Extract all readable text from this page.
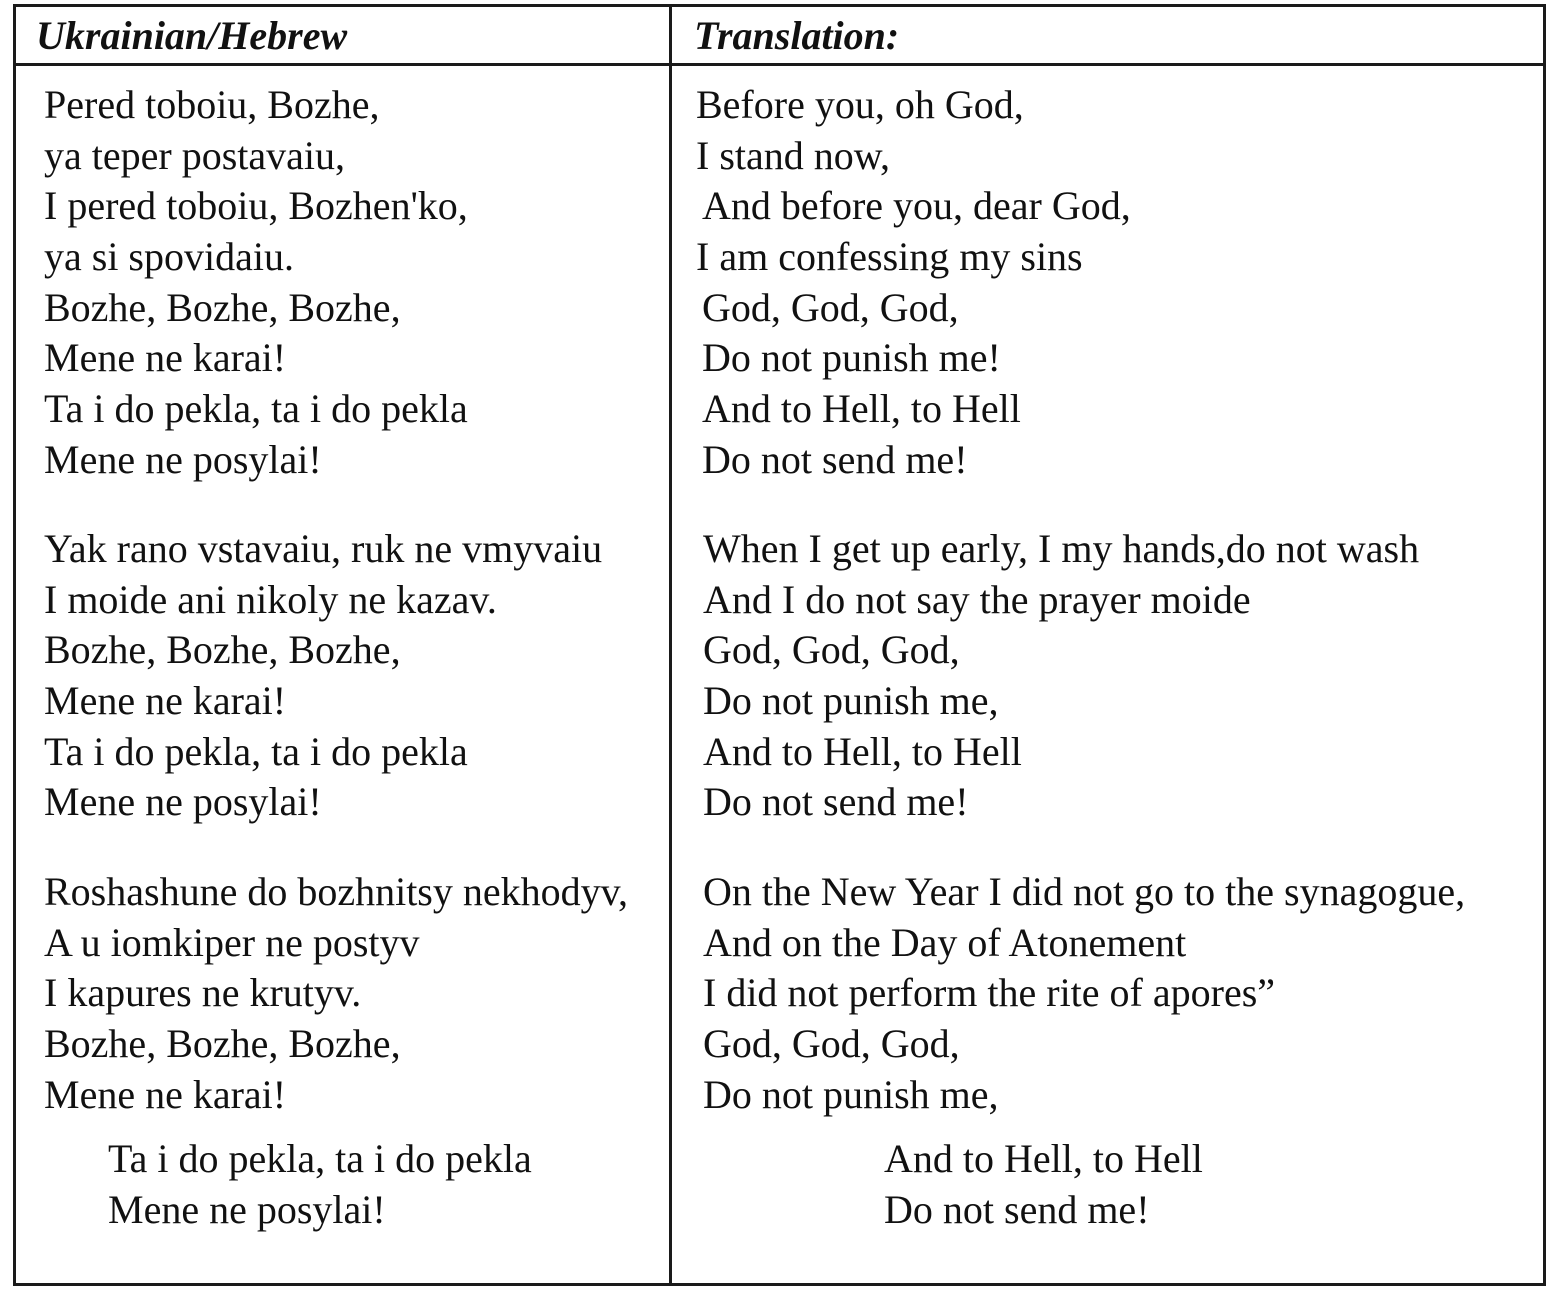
Ukrainian/Hebrew	Translation:
Pered toboiu, Bozhe,
ya teper postavaiu,
I pered toboiu, Bozhen'ko,
ya si spovidaiu.
Bozhe, Bozhe, Bozhe,
Mene ne karai!
Ta i do pekla, ta i do pekla
Mene ne posylai!
Yak rano vstavaiu, ruk ne vmyvaiu
I moide ani nikoly ne kazav.
Bozhe, Bozhe, Bozhe,
Mene ne karai!
Ta i do pekla, ta i do pekla
Mene ne posylai!
Roshashune do bozhnitsy nekhodyv,
A u iomkiper ne postyv
I kapures ne krutyv.
Bozhe, Bozhe, Bozhe,
Mene ne karai!
Ta i do pekla, ta i do pekla
Mene ne posylai!
Before you, oh God,
I stand now,
And before you, dear God,
I am confessing my sins
God, God, God,
Do not punish me!
And to Hell, to Hell
Do not send me!
When I get up early, I my hands,do not wash
And I do not say the prayer moide
God, God, God,
Do not punish me,
And to Hell, to Hell
Do not send me!
On the New Year I did not go to the synagogue,
And on the Day of Atonement
I did not perform the rite of apores”
God, God, God,
Do not punish me,
And to Hell, to Hell
Do not send me!
